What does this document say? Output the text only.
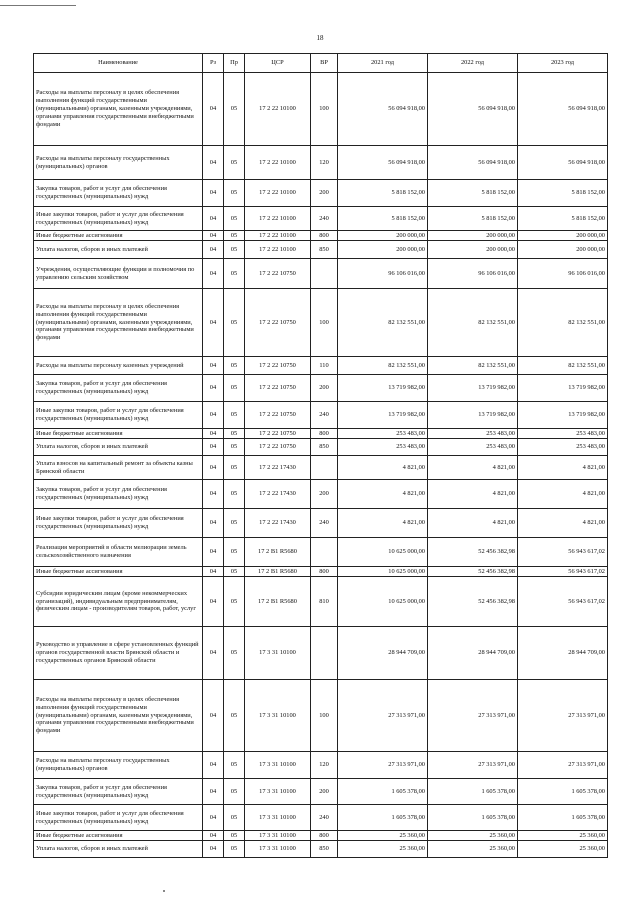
18
Наименование	Рз	Пр	ЦСР	ВР	2021 год	2022 год	2023 год
Расходы на выплаты персоналу в целях обеспечения выполнения функций государственными (муниципальными) органами, казенными учреждениями, органами управления государственными внебюджетными фондами	04	05	17 2 22 10100	100	56 094 918,00	56 094 918,00	56 094 918,00
Расходы на выплаты персоналу государственных (муниципальных) органов	04	05	17 2 22 10100	120	56 094 918,00	56 094 918,00	56 094 918,00
Закупка товаров, работ и услуг для обеспечения государственных (муниципальных) нужд	04	05	17 2 22 10100	200	5 818 152,00	5 818 152,00	5 818 152,00
Иные закупки товаров, работ и услуг для обеспечения государственных (муниципальных) нужд	04	05	17 2 22 10100	240	5 818 152,00	5 818 152,00	5 818 152,00
Иные бюджетные ассигнования	04	05	17 2 22 10100	800	200 000,00	200 000,00	200 000,00
Уплата налогов, сборов и иных платежей	04	05	17 2 22 10100	850	200 000,00	200 000,00	200 000,00
Учреждения, осуществляющие функции и полномочия по управлению сельским хозяйством	04	05	17 2 22 10750		96 106 016,00	96 106 016,00	96 106 016,00
Расходы на выплаты персоналу в целях обеспечения выполнения функций государственными (муниципальными) органами, казенными учреждениями, органами управления государственными внебюджетными фондами	04	05	17 2 22 10750	100	82 132 551,00	82 132 551,00	82 132 551,00
Расходы на выплаты персоналу казенных учреждений	04	05	17 2 22 10750	110	82 132 551,00	82 132 551,00	82 132 551,00
Закупка товаров, работ и услуг для обеспечения государственных (муниципальных) нужд	04	05	17 2 22 10750	200	13 719 982,00	13 719 982,00	13 719 982,00
Иные закупки товаров, работ и услуг для обеспечения государственных (муниципальных) нужд	04	05	17 2 22 10750	240	13 719 982,00	13 719 982,00	13 719 982,00
Иные бюджетные ассигнования	04	05	17 2 22 10750	800	253 483,00	253 483,00	253 483,00
Уплата налогов, сборов и иных платежей	04	05	17 2 22 10750	850	253 483,00	253 483,00	253 483,00
Уплата взносов на капитальный ремонт за объекты казны Брянской области	04	05	17 2 22 17430		4 821,00	4 821,00	4 821,00
Закупка товаров, работ и услуг для обеспечения государственных (муниципальных) нужд	04	05	17 2 22 17430	200	4 821,00	4 821,00	4 821,00
Иные закупки товаров, работ и услуг для обеспечения государственных (муниципальных) нужд	04	05	17 2 22 17430	240	4 821,00	4 821,00	4 821,00
Реализация мероприятий в области мелиорации земель сельскохозяйственного назначения	04	05	17 2 В1 R5680		10 625 000,00	52 456 382,98	56 943 617,02
Иные бюджетные ассигнования	04	05	17 2 В1 R5680	800	10 625 000,00	52 456 382,98	56 943 617,02
Субсидии юридическим лицам (кроме некоммерческих организаций), индивидуальным предпринимателям, физическим лицам - производителям товаров, работ, услуг	04	05	17 2 В1 R5680	810	10 625 000,00	52 456 382,98	56 943 617,02
Руководство и управление в сфере установленных функций органов государственной власти Брянской области и государственных органов Брянской области	04	05	17 3 31 10100		28 944 709,00	28 944 709,00	28 944 709,00
Расходы на выплаты персоналу в целях обеспечения выполнения функций государственными (муниципальными) органами, казенными учреждениями, органами управления государственными внебюджетными фондами	04	05	17 3 31 10100	100	27 313 971,00	27 313 971,00	27 313 971,00
Расходы на выплаты персоналу государственных (муниципальных) органов	04	05	17 3 31 10100	120	27 313 971,00	27 313 971,00	27 313 971,00
Закупка товаров, работ и услуг для обеспечения государственных (муниципальных) нужд	04	05	17 3 31 10100	200	1 605 378,00	1 605 378,00	1 605 378,00
Иные закупки товаров, работ и услуг для обеспечения государственных (муниципальных) нужд	04	05	17 3 31 10100	240	1 605 378,00	1 605 378,00	1 605 378,00
Иные бюджетные ассигнования	04	05	17 3 31 10100	800	25 360,00	25 360,00	25 360,00
Уплата налогов, сборов и иных платежей	04	05	17 3 31 10100	850	25 360,00	25 360,00	25 360,00
